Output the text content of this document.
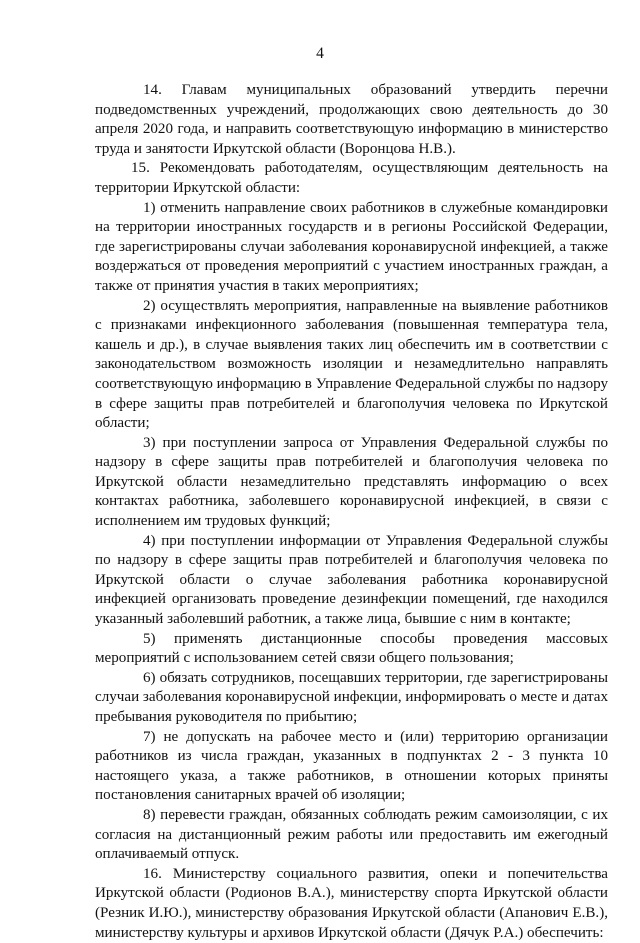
4

14. Главам муниципальных образований утвердить перечни подведомственных учреждений, продолжающих свою деятельность до 30 апреля 2020 года, и направить соответствующую информацию в министерство труда и занятости Иркутской области (Воронцова Н.В.).

15. Рекомендовать работодателям, осуществляющим деятельность на территории Иркутской области:

1) отменить направление своих работников в служебные командировки на территории иностранных государств и в регионы Российской Федерации, где зарегистрированы случаи заболевания коронавирусной инфекцией, а также воздержаться от проведения мероприятий с участием иностранных граждан, а также от принятия участия в таких мероприятиях;

2) осуществлять мероприятия, направленные на выявление работников с признаками инфекционного заболевания (повышенная температура тела, кашель и др.), в случае выявления таких лиц обеспечить им в соответствии с законодательством возможность изоляции и незамедлительно направлять соответствующую информацию в Управление Федеральной службы по надзору в сфере защиты прав потребителей и благополучия человека по Иркутской области;

3) при поступлении запроса от Управления Федеральной службы по надзору в сфере защиты прав потребителей и благополучия человека по Иркутской области незамедлительно представлять информацию о всех контактах работника, заболевшего коронавирусной инфекцией, в связи с исполнением им трудовых функций;

4) при поступлении информации от Управления Федеральной службы по надзору в сфере защиты прав потребителей и благополучия человека по Иркутской области о случае заболевания работника коронавирусной инфекцией организовать проведение дезинфекции помещений, где находился указанный заболевший работник, а также лица, бывшие с ним в контакте;

5) применять дистанционные способы проведения массовых мероприятий с использованием сетей связи общего пользования;

6) обязать сотрудников, посещавших территории, где зарегистрированы случаи заболевания коронавирусной инфекции, информировать о месте и датах пребывания руководителя по прибытию;

7) не допускать на рабочее место и (или) территорию организации работников из числа граждан, указанных в подпунктах 2 - 3 пункта 10 настоящего указа, а также работников, в отношении которых приняты постановления санитарных врачей об изоляции;

8) перевести граждан, обязанных соблюдать режим самоизоляции, с их согласия на дистанционный режим работы или предоставить им ежегодный оплачиваемый отпуск.

16. Министерству социального развития, опеки и попечительства Иркутской области (Родионов В.А.), министерству спорта Иркутской области (Резник И.Ю.), министерству образования Иркутской области (Апанович Е.В.), министерству культуры и архивов Иркутской области (Дячук Р.А.) обеспечить:
